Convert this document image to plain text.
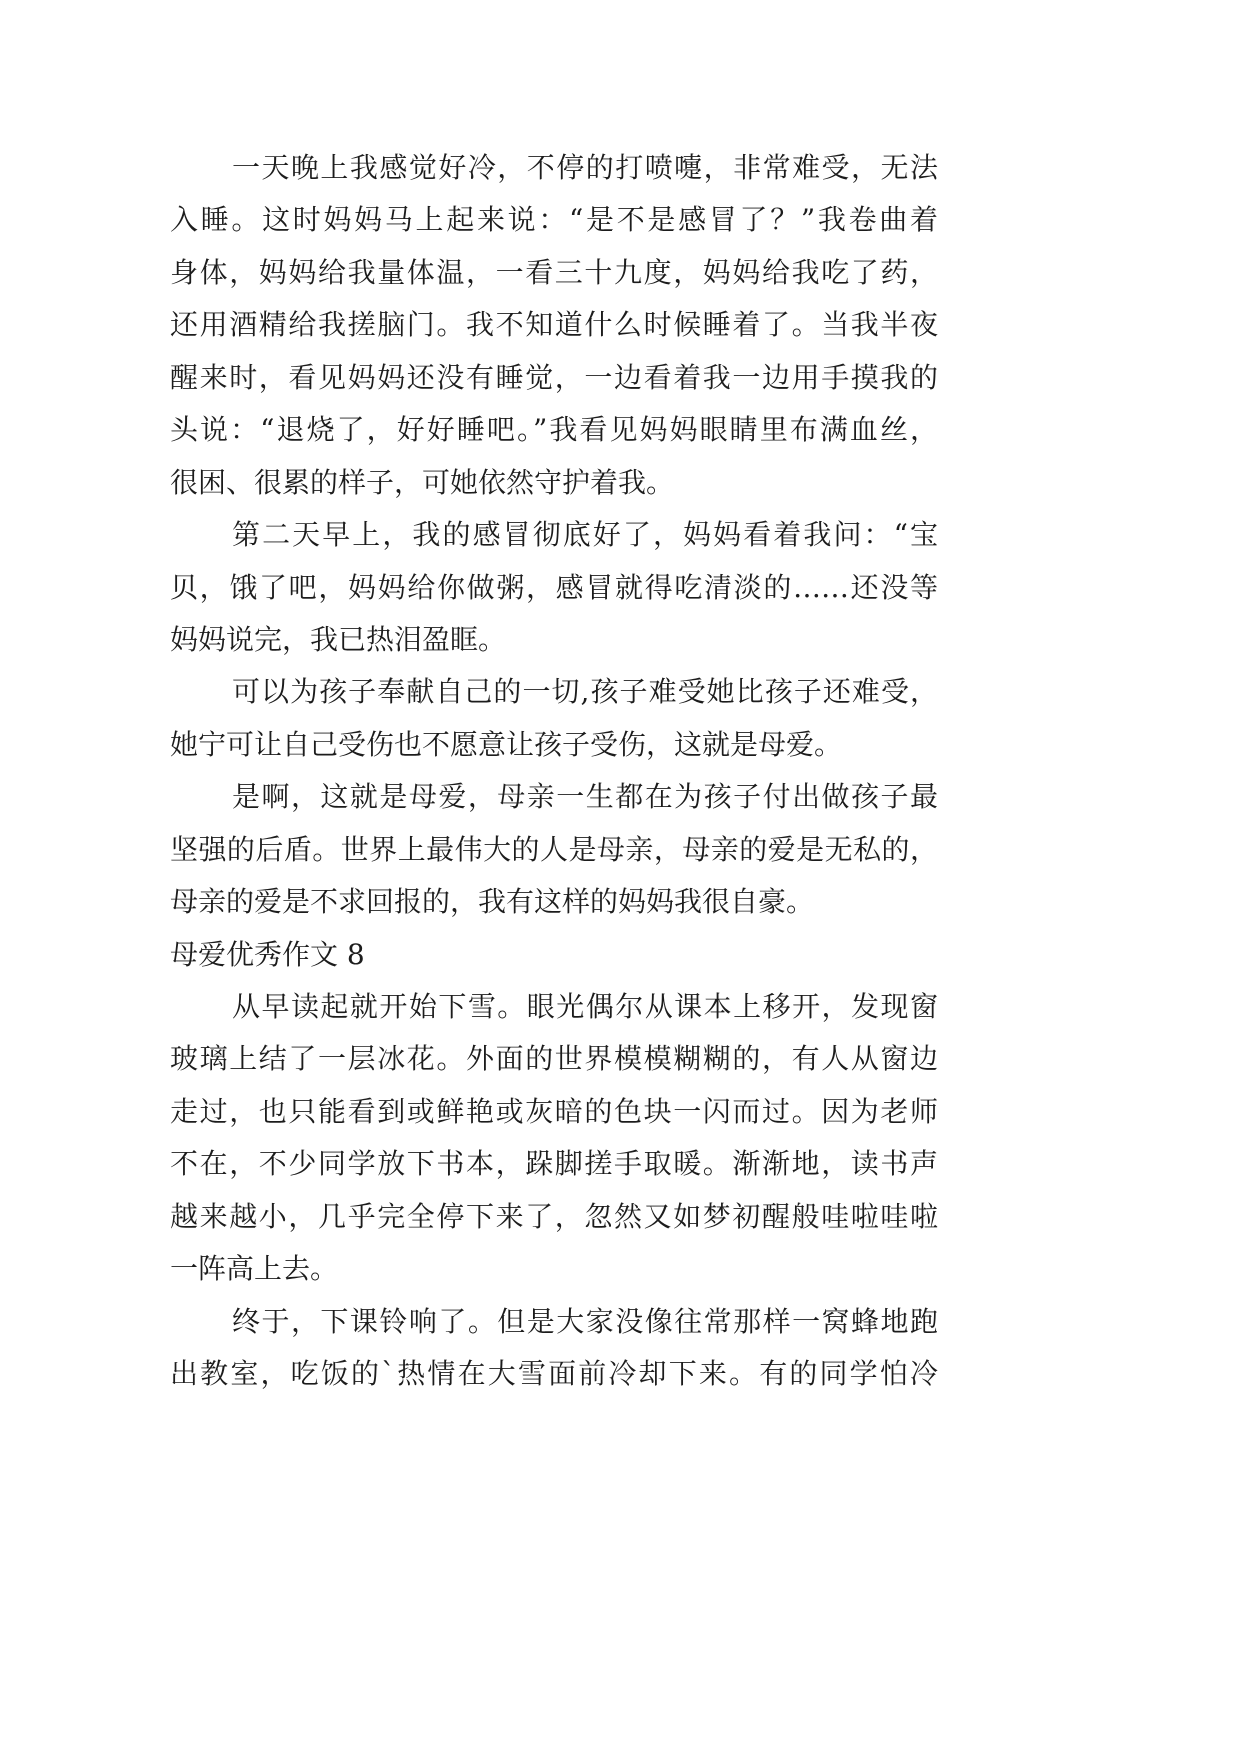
一天晚上我感觉好冷，不停的打喷嚏，非常难受，无法
入睡。这时妈妈马上起来说：“是不是感冒了？”我卷曲着
身体，妈妈给我量体温，一看三十九度，妈妈给我吃了药，
还用酒精给我搓脑门。我不知道什么时候睡着了。当我半夜
醒来时，看见妈妈还没有睡觉，一边看着我一边用手摸我的
头说：“退烧了，好好睡吧。”我看见妈妈眼睛里布满血丝，
很困、很累的样子，可她依然守护着我。
第二天早上，我的感冒彻底好了，妈妈看着我问：“宝
贝，饿了吧，妈妈给你做粥，感冒就得吃清淡的……还没等
妈妈说完，我已热泪盈眶。
可以为孩子奉献自己的一切,孩子难受她比孩子还难受，
她宁可让自己受伤也不愿意让孩子受伤，这就是母爱。
是啊，这就是母爱，母亲一生都在为孩子付出做孩子最
坚强的后盾。世界上最伟大的人是母亲，母亲的爱是无私的，
母亲的爱是不求回报的，我有这样的妈妈我很自豪。
母爱优秀作文 8
从早读起就开始下雪。眼光偶尔从课本上移开，发现窗
玻璃上结了一层冰花。外面的世界模模糊糊的，有人从窗边
走过，也只能看到或鲜艳或灰暗的色块一闪而过。因为老师
不在，不少同学放下书本，跺脚搓手取暖。渐渐地，读书声
越来越小，几乎完全停下来了，忽然又如梦初醒般哇啦哇啦
一阵高上去。
终于，下课铃响了。但是大家没像往常那样一窝蜂地跑
出教室，吃饭的`热情在大雪面前冷却下来。有的同学怕冷
